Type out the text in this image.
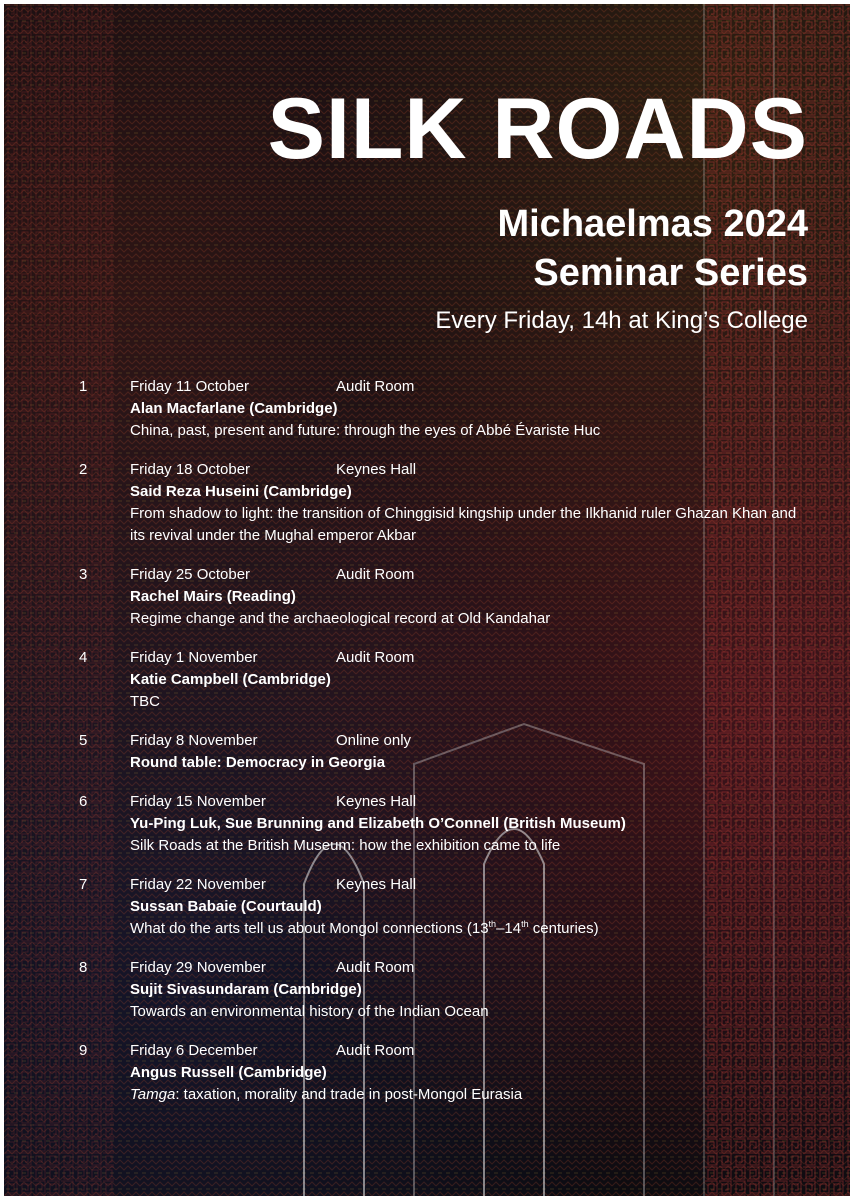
SILK ROADS
Michaelmas 2024
Seminar Series
Every Friday, 14h at King’s College
1	Friday 11 October	Audit Room
Alan Macfarlane (Cambridge)
China, past, present and future: through the eyes of Abbé Évariste Huc
2	Friday 18 October	Keynes Hall
Said Reza Huseini (Cambridge)
From shadow to light: the transition of Chinggisid kingship under the Ilkhanid ruler Ghazan Khan and its revival under the Mughal emperor Akbar
3	Friday 25 October	Audit Room
Rachel Mairs (Reading)
Regime change and the archaeological record at Old Kandahar
4	Friday 1 November	Audit Room
Katie Campbell (Cambridge)
TBC
5	Friday 8 November	Online only
Round table: Democracy in Georgia
6	Friday 15 November	Keynes Hall
Yu-Ping Luk, Sue Brunning and Elizabeth O’Connell (British Museum)
Silk Roads at the British Museum: how the exhibition came to life
7	Friday 22 November	Keynes Hall
Sussan Babaie (Courtauld)
What do the arts tell us about Mongol connections (13th–14th centuries)
8	Friday 29 November	Audit Room
Sujit Sivasundaram (Cambridge)
Towards an environmental history of the Indian Ocean
9	Friday 6 December	Audit Room
Angus Russell (Cambridge)
Tamga: taxation, morality and trade in post-Mongol Eurasia
